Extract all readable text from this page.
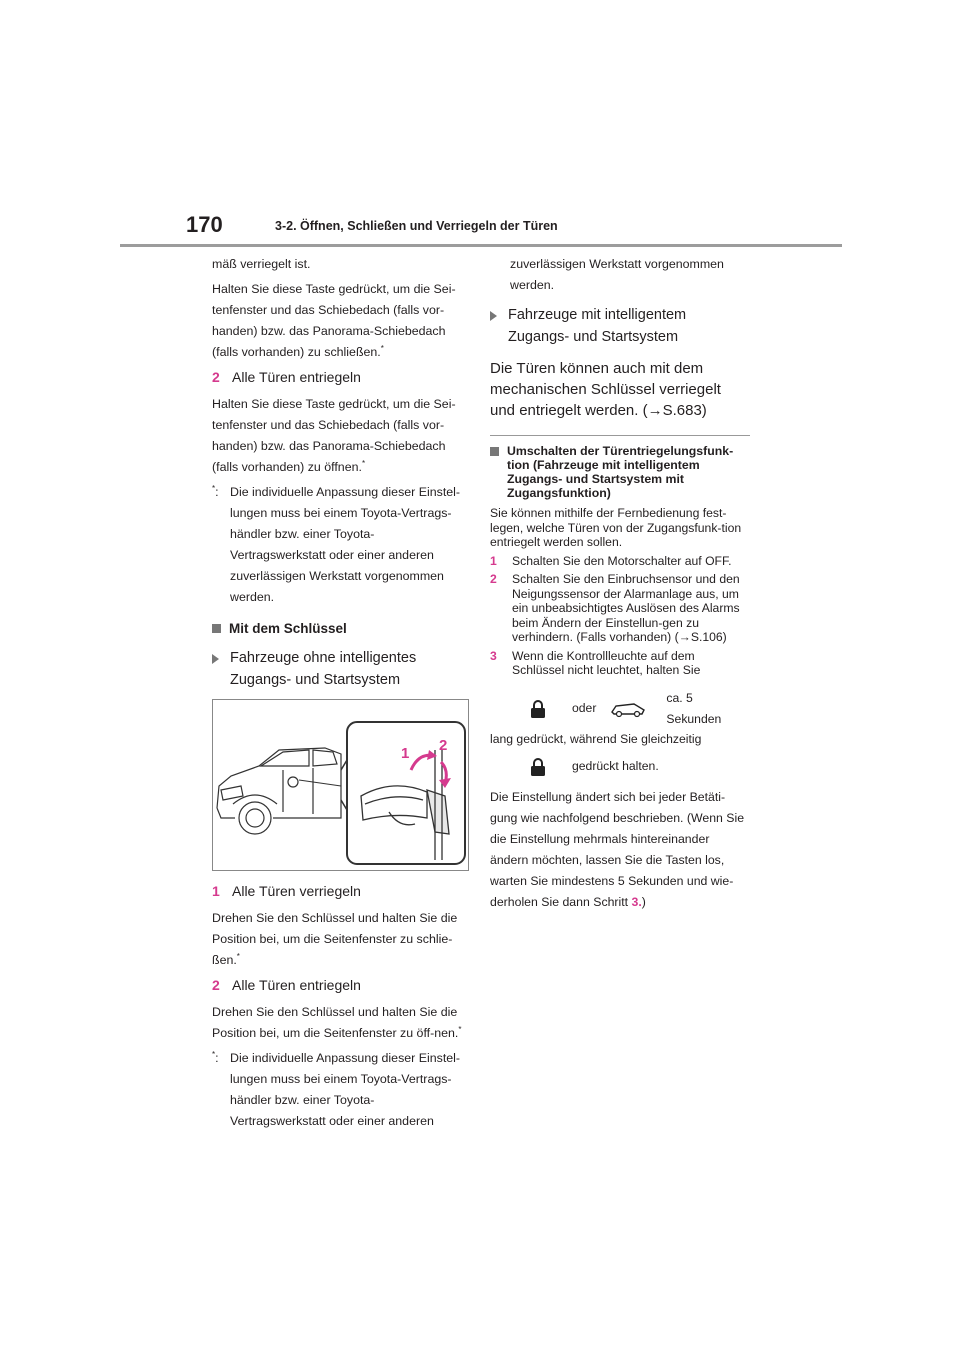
170	3-2. Öffnen, Schließen und Verriegeln der Türen

mäß verriegelt ist.

Halten Sie diese Taste gedrückt, um die Sei-tenfenster und das Schiebedach (falls vor-handen) bzw. das Panorama-Schiebedach (falls vorhanden) zu schließen.*

2 Alle Türen entriegeln

Halten Sie diese Taste gedrückt, um die Sei-tenfenster und das Schiebedach (falls vor-handen) bzw. das Panorama-Schiebedach (falls vorhanden) zu öffnen.*

*: Die individuelle Anpassung dieser Einstel-lungen muss bei einem Toyota-Vertrags-händler bzw. einer Toyota-Vertragswerkstatt oder einer anderen zuverlässigen Werkstatt vorgenommen werden.
Mit dem Schlüssel
Fahrzeuge ohne intelligentes Zugangs- und Startsystem
1 2
1 Alle Türen verriegeln

Drehen Sie den Schlüssel und halten Sie die Position bei, um die Seitenfenster zu schlie-ßen.*

2 Alle Türen entriegeln

Drehen Sie den Schlüssel und halten Sie die Position bei, um die Seitenfenster zu öff-nen.*

*: Die individuelle Anpassung dieser Einstel-lungen muss bei einem Toyota-Vertrags-händler bzw. einer Toyota-Vertragswerkstatt oder einer anderen

zuverlässigen Werkstatt vorgenommen werden.

Fahrzeuge mit intelligentem Zugangs- und Startsystem
Die Türen können auch mit dem mechanischen Schlüssel verriegelt und entriegelt werden. (→S.683)
Umschalten der Türentriegelungsfunk-tion (Fahrzeuge mit intelligentem Zugangs- und Startsystem mit Zugangsfunktion)

Sie können mithilfe der Fernbedienung fest-legen, welche Türen von der Zugangsfunk-tion entriegelt werden sollen.

1	Schalten Sie den Motorschalter auf OFF.
2	Schalten Sie den Einbruchsensor und den Neigungssensor der Alarmanlage aus, um ein unbeabsichtigtes Auslösen des Alarms beim Ändern der Einstellun-gen zu verhindern. (Falls vorhanden) (→S.106)
3	Wenn die Kontrollleuchte auf dem Schlüssel nicht leuchtet, halten Sie
oder
ca. 5 Sekunden

lang gedrückt, während Sie gleichzeitig

gedrückt halten.

Die Einstellung ändert sich bei jeder Betäti-gung wie nachfolgend beschrieben. (Wenn Sie die Einstellung mehrmals hintereinander ändern möchten, lassen Sie die Tasten los, warten Sie mindestens 5 Sekunden und wie-derholen Sie dann Schritt 3.)
